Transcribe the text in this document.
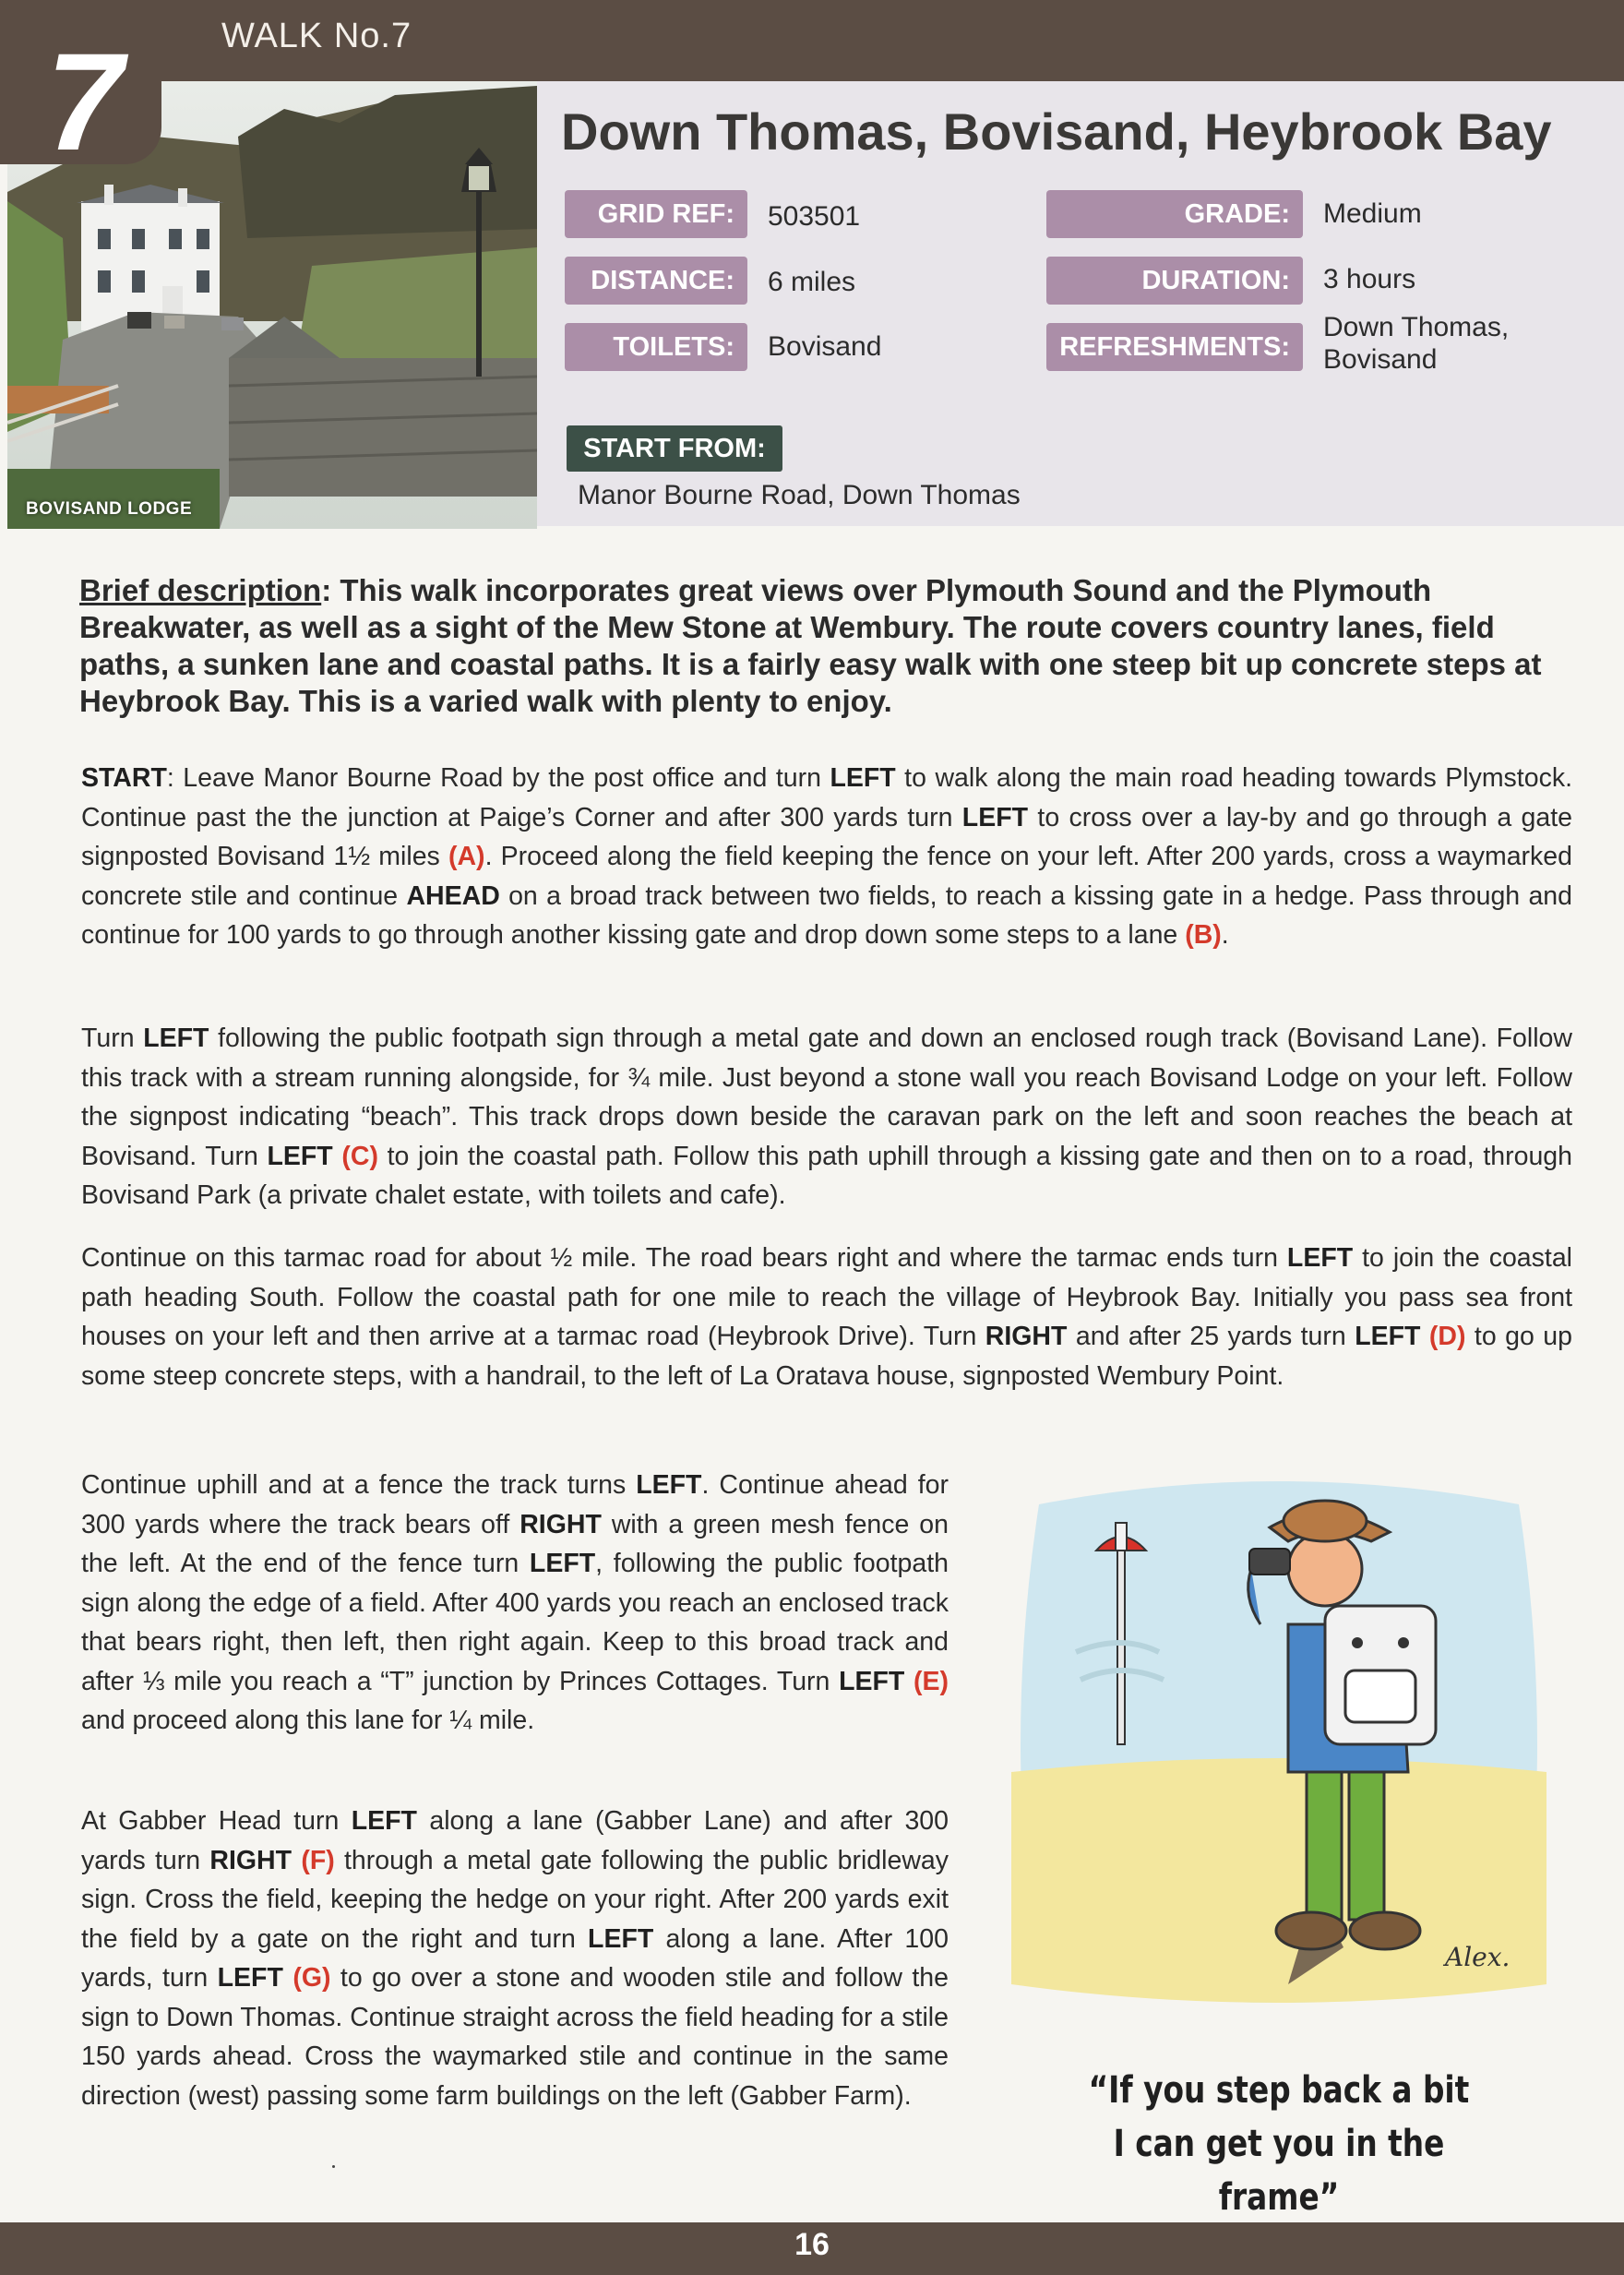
WALK No.7
7
BOVISAND LODGE
Down Thomas, Bovisand, Heybrook Bay
GRID REF:	503501
DISTANCE:	6 miles
TOILETS:	Bovisand
GRADE:	Medium
DURATION:	3 hours
REFRESHMENTS:
Down Thomas,
Bovisand
START FROM:
Manor Bourne Road, Down Thomas
Brief description: This walk incorporates great views over Plymouth Sound and the Plymouth Breakwater, as well as a sight of the Mew Stone at Wembury. The route covers country lanes, field paths, a sunken lane and coastal paths. It is a fairly easy walk with one steep bit up concrete steps at Heybrook Bay. This is a varied walk with plenty to enjoy.
START: Leave Manor Bourne Road by the post office and turn LEFT to walk along the main road heading towards Plymstock. Continue past the the junction at Paige’s Corner and after 300 yards turn LEFT to cross over a lay-by and go through a gate signposted Bovisand 1½ miles (A). Proceed along the field keeping the fence on your left. After 200 yards, cross a waymarked concrete stile and continue AHEAD on a broad track between two fields, to reach a kissing gate in a hedge. Pass through and continue for 100 yards to go through another kissing gate and drop down some steps to a lane (B).
Turn LEFT following the public footpath sign through a metal gate and down an enclosed rough track (Bovisand Lane). Follow this track with a stream running alongside, for ¾ mile. Just beyond a stone wall you reach Bovisand Lodge on your left. Follow the signpost indicating “beach”. This track drops down beside the caravan park on the left and soon reaches the beach at Bovisand. Turn LEFT (C) to join the coastal path. Follow this path uphill through a kissing gate and then on to a road, through Bovisand Park (a private chalet estate, with toilets and cafe).
Continue on this tarmac road for about ½ mile. The road bears right and where the tarmac ends turn LEFT to join the coastal path heading South. Follow the coastal path for one mile to reach the village of Heybrook Bay. Initially you pass sea front houses on your left and then arrive at a tarmac road (Heybrook Drive). Turn RIGHT and after 25 yards turn LEFT (D) to go up some steep concrete steps, with a handrail, to the left of La Oratava house, signposted Wembury Point.
Continue uphill and at a fence the track turns LEFT. Continue ahead for 300 yards where the track bears off RIGHT with a green mesh fence on the left. At the end of the fence turn LEFT, following the public footpath sign along the edge of a field. After 400 yards you reach an enclosed track that bears right, then left, then right again. Keep to this broad track and after ⅓ mile you reach a “T” junction by Princes Cottages. Turn LEFT (E) and proceed along this lane for ¼ mile.
At Gabber Head turn LEFT along a lane (Gabber Lane) and after 300 yards turn RIGHT (F) through a metal gate following the public bridleway sign. Cross the field, keeping the hedge on your right. After 200 yards exit the field by a gate on the right and turn LEFT along a lane. After 100 yards, turn LEFT (G) to go over a stone and wooden stile and follow the sign to Down Thomas. Continue straight across the field heading for a stile 150 yards ahead. Cross the waymarked stile and continue in the same direction (west) passing some farm buildings on the left (Gabber Farm).
Alex.
“If you step back a bit
I can get you in the frame”
16
